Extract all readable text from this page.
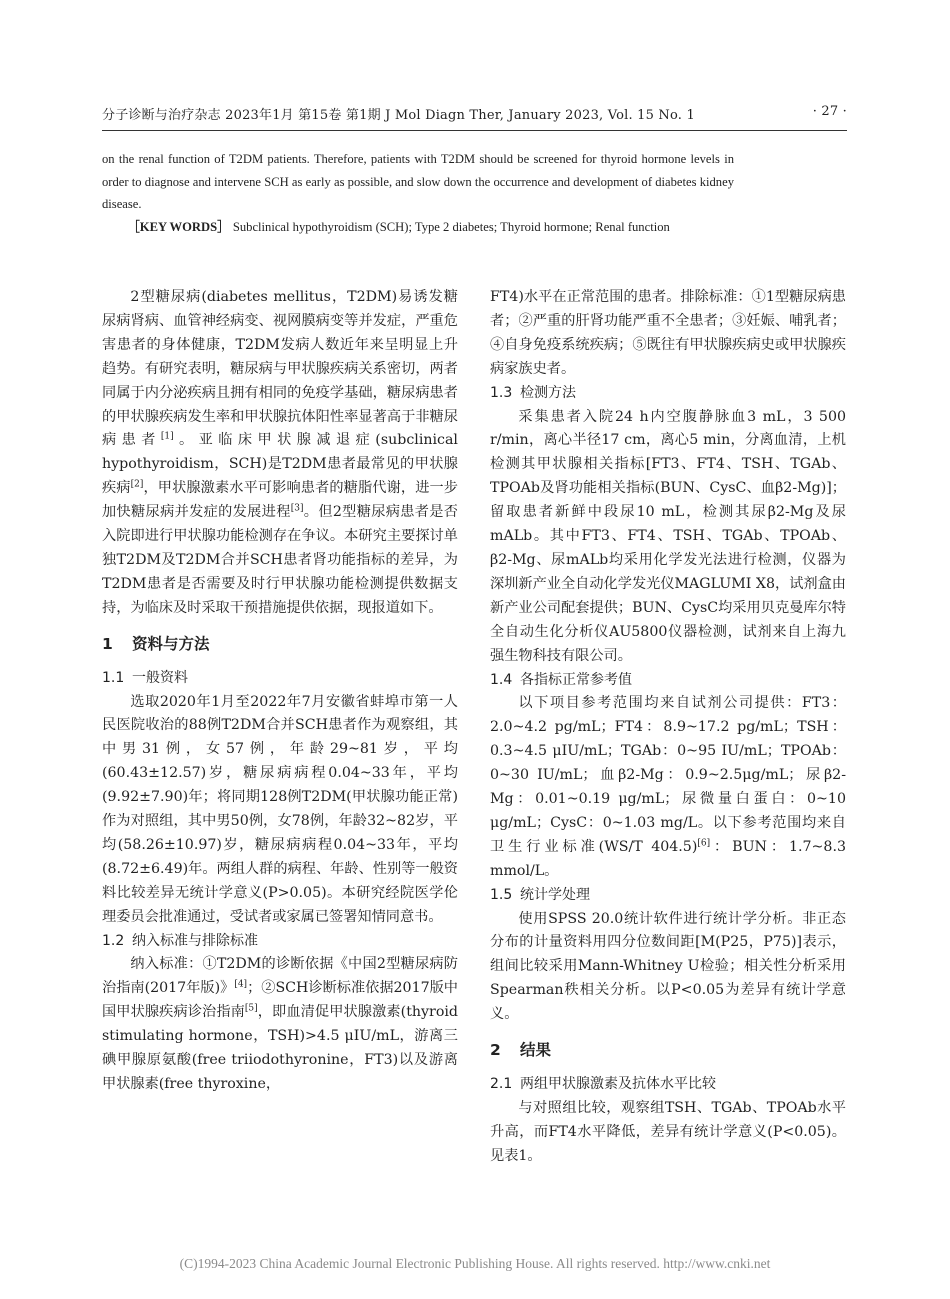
分子诊断与治疗杂志 2023年1月 第15卷 第1期 J Mol Diagn Ther, January 2023, Vol. 15 No. 1	· 27 ·

on the renal function of T2DM patients. Therefore, patients with T2DM should be screened for thyroid hormone levels in order to diagnose and intervene SCH as early as possible, and slow down the occurrence and development of diabetes kidney disease.

［KEY WORDS］ Subclinical hypothyroidism (SCH); Type 2 diabetes; Thyroid hormone; Renal function

2型糖尿病(diabetes mellitus，T2DM)易诱发糖尿病肾病、血管神经病变、视网膜病变等并发症，严重危害患者的身体健康，T2DM发病人数近年来呈明显上升趋势。有研究表明，糖尿病与甲状腺疾病关系密切，两者同属于内分泌疾病且拥有相同的免疫学基础，糖尿病患者的甲状腺疾病发生率和甲状腺抗体阳性率显著高于非糖尿病患者[1]。亚临床甲状腺减退症(subclinical hypothyroidism，SCH)是T2DM患者最常见的甲状腺疾病[2]，甲状腺激素水平可影响患者的糖脂代谢，进一步加快糖尿病并发症的发展进程[3]。但2型糖尿病患者是否入院即进行甲状腺功能检测存在争议。本研究主要探讨单独T2DM及T2DM合并SCH患者肾功能指标的差异，为T2DM患者是否需要及时行甲状腺功能检测提供数据支持，为临床及时采取干预措施提供依据，现报道如下。

1 资料与方法
1.1 一般资料

选取2020年1月至2022年7月安徽省蚌埠市第一人民医院收治的88例T2DM合并SCH患者作为观察组，其中男31例，女57例，年龄29~81岁，平均(60.43±12.57)岁，糖尿病病程0.04~33年，平均(9.92±7.90)年；将同期128例T2DM(甲状腺功能正常)作为对照组，其中男50例，女78例，年龄32~82岁，平均(58.26±10.97)岁，糖尿病病程0.04~33年，平均(8.72±6.49)年。两组人群的病程、年龄、性别等一般资料比较差异无统计学意义(P>0.05)。本研究经院医学伦理委员会批准通过，受试者或家属已签署知情同意书。

1.2 纳入标准与排除标准

纳入标准：①T2DM的诊断依据《中国2型糖尿病防治指南(2017年版)》[4]；②SCH诊断标准依据2017版中国甲状腺疾病诊治指南[5]，即血清促甲状腺激素(thyroid stimulating hormone，TSH)>4.5 μIU/mL，游离三碘甲腺原氨酸(free triiodothyronine，FT3)以及游离甲状腺素(free thyroxine，

FT4)水平在正常范围的患者。排除标准：①1型糖尿病患者；②严重的肝肾功能严重不全患者；③妊娠、哺乳者；④自身免疫系统疾病；⑤既往有甲状腺疾病史或甲状腺疾病家族史者。

1.3 检测方法

采集患者入院24 h内空腹静脉血3 mL，3 500 r/min，离心半径17 cm，离心5 min，分离血清，上机检测其甲状腺相关指标[FT3、FT4、TSH、TGAb、TPOAb及肾功能相关指标(BUN、CysC、血β2-Mg)]；留取患者新鲜中段尿10 mL，检测其尿β2-Mg及尿mALb。其中FT3、FT4、TSH、TGAb、TPOAb、β2-Mg、尿mALb均采用化学发光法进行检测，仪器为深圳新产业全自动化学发光仪MAGLUMI X8，试剂盒由新产业公司配套提供；BUN、CysC均采用贝克曼库尔特全自动生化分析仪AU5800仪器检测，试剂来自上海九强生物科技有限公司。

1.4 各指标正常参考值

以下项目参考范围均来自试剂公司提供：FT3：2.0~4.2 pg/mL；FT4：8.9~17.2 pg/mL；TSH：0.3~4.5 μIU/mL；TGAb：0~95 IU/mL；TPOAb：0~30 IU/mL；血β2-Mg：0.9~2.5μg/mL；尿β2-Mg：0.01~0.19 μg/mL；尿微量白蛋白：0~10 μg/mL；CysC：0~1.03 mg/L。以下参考范围均来自卫生行业标准(WS/T 404.5)[6]：BUN：1.7~8.3 mmol/L。

1.5 统计学处理

使用SPSS 20.0统计软件进行统计学分析。非正态分布的计量资料用四分位数间距[M(P25，P75)]表示，组间比较采用Mann-Whitney U检验；相关性分析采用Spearman秩相关分析。以P<0.05为差异有统计学意义。

2 结果
2.1 两组甲状腺激素及抗体水平比较

与对照组比较，观察组TSH、TGAb、TPOAb水平升高，而FT4水平降低，差异有统计学意义(P<0.05)。见表1。

(C)1994-2023 China Academic Journal Electronic Publishing House. All rights reserved. http://www.cnki.net
